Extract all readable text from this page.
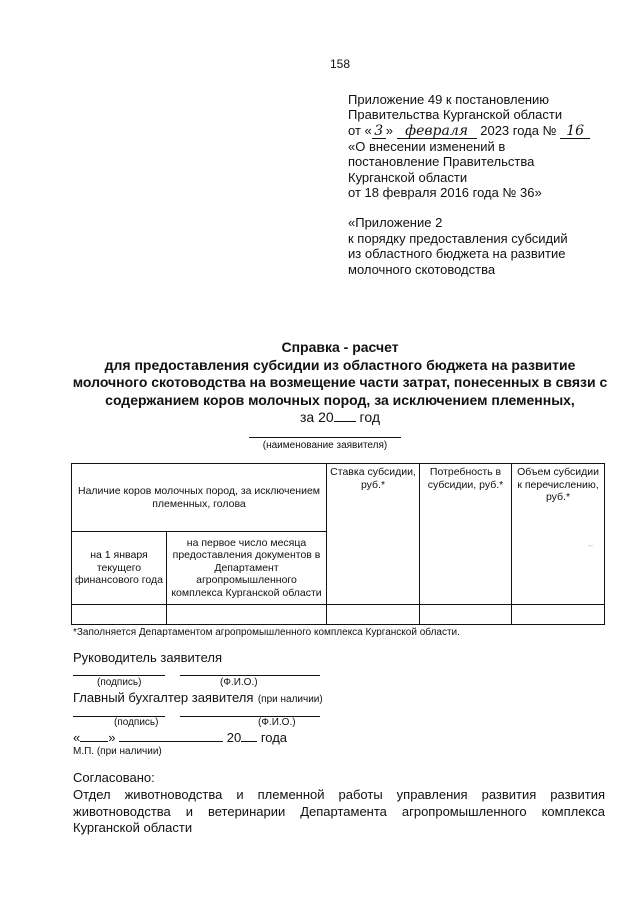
158
Приложение 49 к постановлению
Правительства Курганской области
от « 3 » февраля 2023 года № 16
«О внесении изменений в
постановление Правительства
Курганской области
от 18 февраля 2016 года № 36»
«Приложение 2
к порядку предоставления субсидий
из областного бюджета на развитие
молочного скотоводства
Справка - расчет
для предоставления субсидии из областного бюджета на развитие
молочного скотоводства на возмещение части затрат, понесенных в связи с
содержанием коров молочных пород, за исключением племенных,
за 20 год
(наименование заявителя)
Наличие коров молочных пород, за исключением племенных, голова		Ставка субсидии, руб.*	Потребность в субсидии, руб.*	Объем субсидии к перечислению, руб.*
--

на 1 января текущего финансового года	на первое число месяца предоставления документов в Департамент агропромышленного комплекса Курганской области			

*Заполняется Департаментом агропромышленного комплекса Курганской области.
Руководитель заявителя
(подпись)	(Ф.И.О.)
Главный бухгалтер заявителя (при наличии)
(подпись)	(Ф.И.О.)
« »	20 года
М.П. (при наличии)
Согласовано:
Отдел животноводства и племенной работы управления развития развития животноводства и ветеринарии Департамента агропромышленного комплекса Курганской области
